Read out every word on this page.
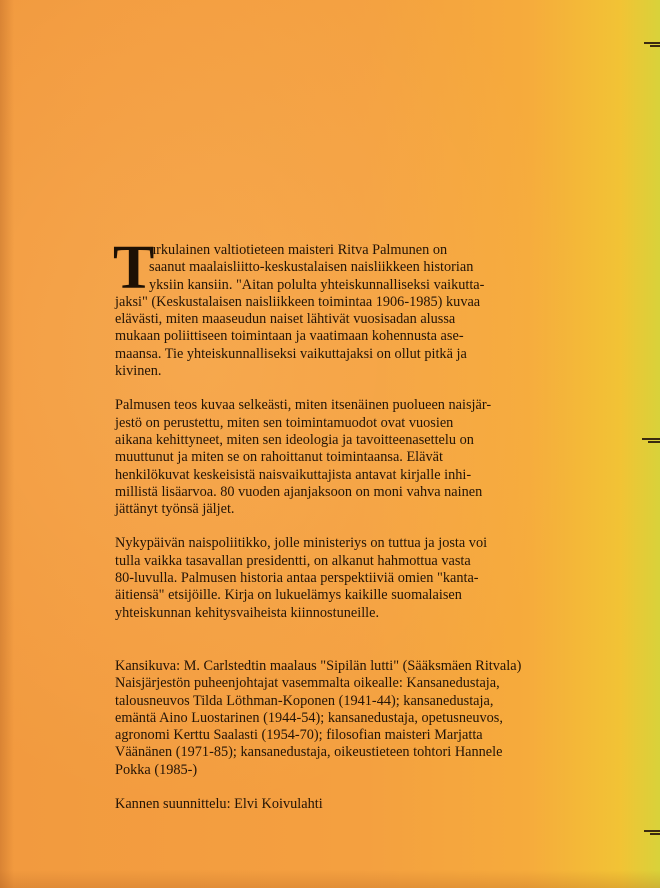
T
urkulainen valtiotieteen maisteri Ritva Palmunen on
saanut maalaisliitto-keskustalaisen naisliikkeen historian
yksiin kansiin. "Aitan polulta yhteiskunnalliseksi vaikutta-
jaksi" (Keskustalaisen naisliikkeen toimintaa 1906-1985) kuvaa
elävästi, miten maaseudun naiset lähtivät vuosisadan alussa
mukaan poliittiseen toimintaan ja vaatimaan kohennusta ase-
maansa. Tie yhteiskunnalliseksi vaikuttajaksi on ollut pitkä ja
kivinen.

Palmusen teos kuvaa selkeästi, miten itsenäinen puolueen naisjär-
jestö on perustettu, miten sen toimintamuodot ovat vuosien
aikana kehittyneet, miten sen ideologia ja tavoitteenasettelu on
muuttunut ja miten se on rahoittanut toimintaansa. Elävät
henkilökuvat keskeisistä naisvaikuttajista antavat kirjalle inhi-
millistä lisäarvoa. 80 vuoden ajanjaksoon on moni vahva nainen
jättänyt työnsä jäljet.

Nykypäivän naispoliitikko, jolle ministeriys on tuttua ja josta voi
tulla vaikka tasavallan presidentti, on alkanut hahmottua vasta
80-luvulla. Palmusen historia antaa perspektiiviä omien "kanta-
äitiensä" etsijöille. Kirja on lukuelämys kaikille suomalaisen
yhteiskunnan kehitysvaiheista kiinnostuneille.

Kansikuva: M. Carlstedtin maalaus "Sipilän lutti" (Sääksmäen Ritvala)
Naisjärjestön puheenjohtajat vasemmalta oikealle: Kansanedustaja,
talousneuvos Tilda Löthman-Koponen (1941-44); kansanedustaja,
emäntä Aino Luostarinen (1944-54); kansanedustaja, opetusneuvos,
agronomi Kerttu Saalasti (1954-70); filosofian maisteri Marjatta
Väänänen (1971-85); kansanedustaja, oikeustieteen tohtori Hannele
Pokka (1985-)

Kannen suunnittelu: Elvi Koivulahti
